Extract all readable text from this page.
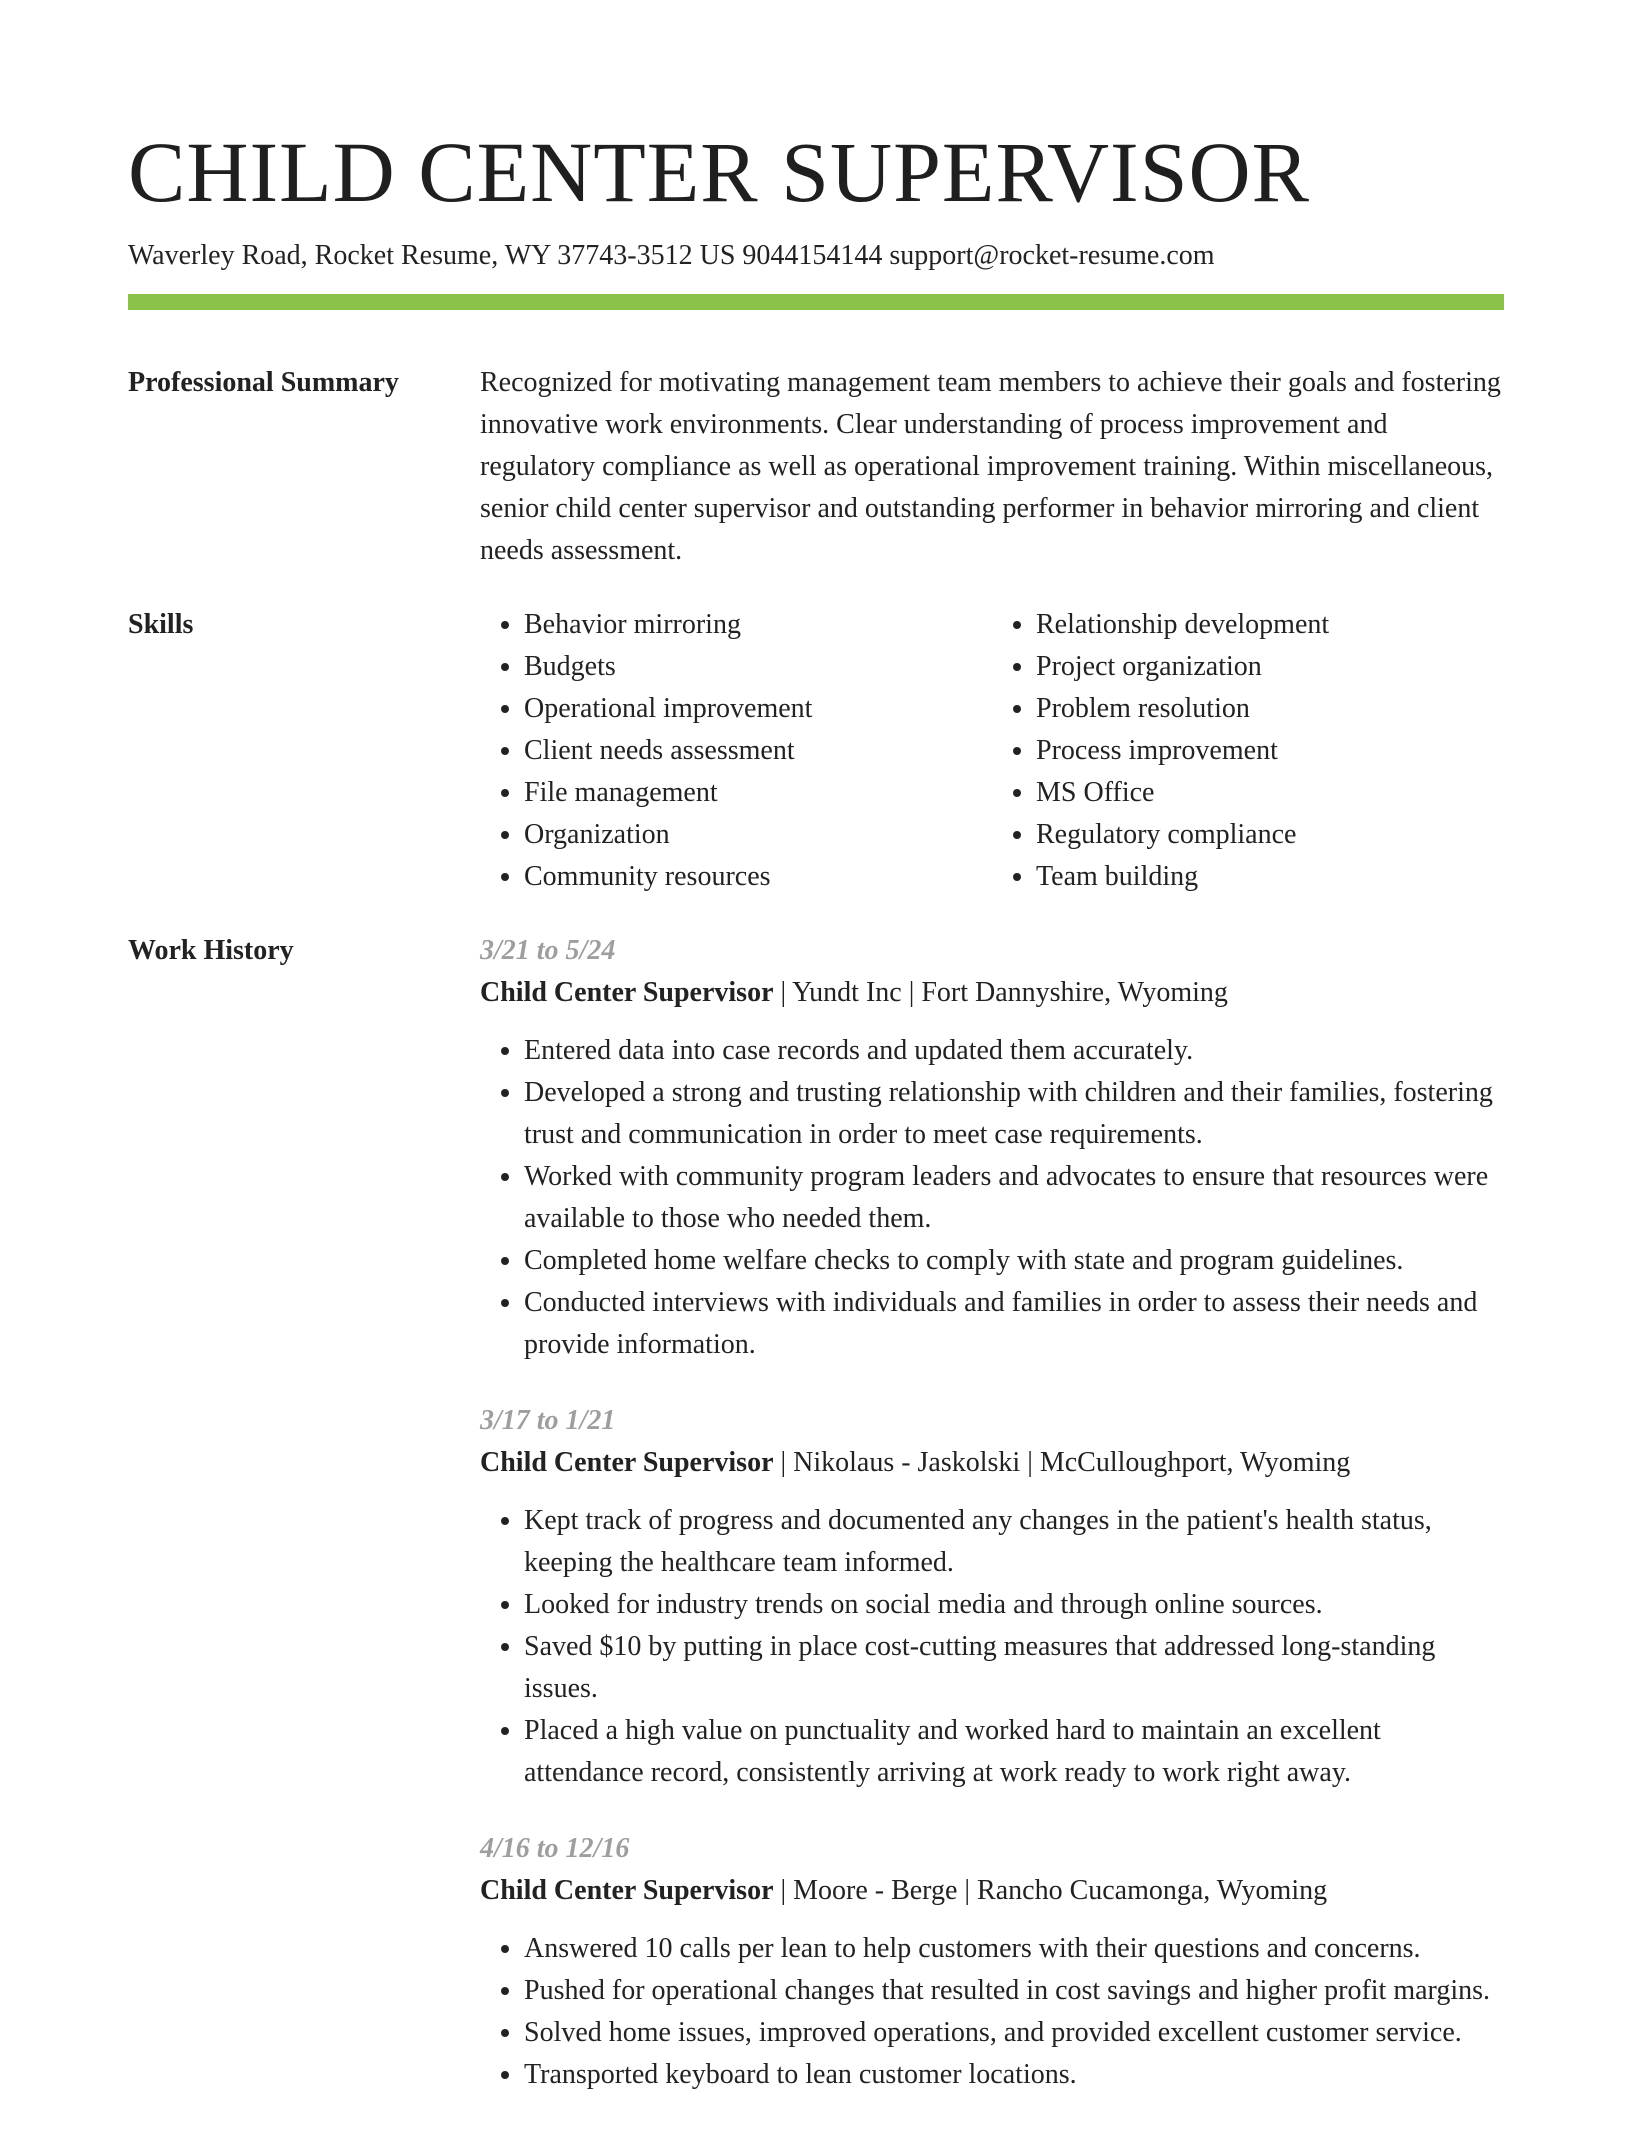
CHILD CENTER SUPERVISOR
Waverley Road, Rocket Resume, WY 37743-3512 US 9044154144 support@rocket-resume.com
Professional Summary	Recognized for motivating management team members to achieve their goals and fostering innovative work environments. Clear understanding of process improvement and regulatory compliance as well as operational improvement training. Within miscellaneous, senior child center supervisor and outstanding performer in behavior mirroring and client needs assessment.

Skills
•	Behavior mirroring
• Budgets
• Operational improvement
• Client needs assessment
• File management
• Organization
• Community resources
• Relationship development
• Project organization
• Problem resolution
• Process improvement
• MS Office
• Regulatory compliance
• Team building
Work History	3/21 to 5/24
Child Center Supervisor | Yundt Inc | Fort Dannyshire, Wyoming
• Entered data into case records and updated them accurately.
• Developed a strong and trusting relationship with children and their families, fostering trust and communication in order to meet case requirements.
• Worked with community program leaders and advocates to ensure that resources were available to those who needed them.
• Completed home welfare checks to comply with state and program guidelines.
• Conducted interviews with individuals and families in order to assess their needs and provide information.
3/17 to 1/21
Child Center Supervisor | Nikolaus - Jaskolski | McCulloughport, Wyoming
• Kept track of progress and documented any changes in the patient's health status, keeping the healthcare team informed.
• Looked for industry trends on social media and through online sources.
• Saved $10 by putting in place cost-cutting measures that addressed long-standing issues.
• Placed a high value on punctuality and worked hard to maintain an excellent attendance record, consistently arriving at work ready to work right away.
4/16 to 12/16
Child Center Supervisor | Moore - Berge | Rancho Cucamonga, Wyoming
• Answered 10 calls per lean to help customers with their questions and concerns.
• Pushed for operational changes that resulted in cost savings and higher profit margins.
• Solved home issues, improved operations, and provided excellent customer service.
• Transported keyboard to lean customer locations.
